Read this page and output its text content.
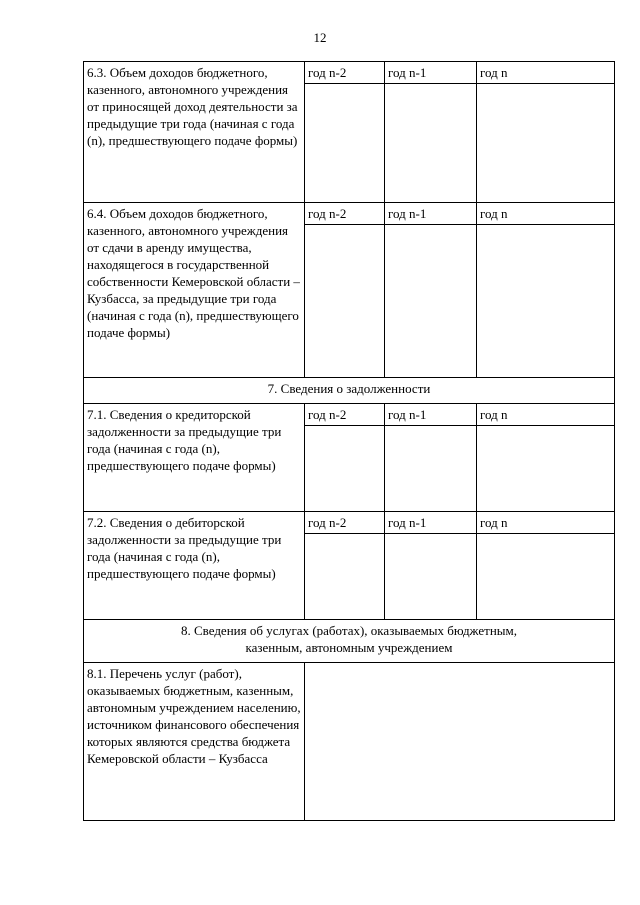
12
6.3. Объем доходов бюджетного, казенного, автономного учреждения от приносящей доход деятельности за предыдущие три года (начиная с года (n), предшествующего подаче формы)	год n-2	год n-1	год n

6.4. Объем доходов бюджетного, казенного, автономного учреждения от сдачи в аренду имущества, находящегося в государственной собственности Кемеровской области – Кузбасса, за предыдущие три года (начиная с года (n), предшествующего подаче формы)	год n-2	год n-1	год n

7. Сведения о задолженности			
7.1. Сведения о кредиторской задолженности за предыдущие три года (начиная с года (n), предшествующего подаче формы)	год n-2	год n-1	год n

7.2. Сведения о дебиторской задолженности за предыдущие три года (начиная с года (n), предшествующего подаче формы)	год n-2	год n-1	год n

8. Сведения об услугах (работах), оказываемых бюджетным,
казенным, автономным учреждением			
8.1. Перечень услуг (работ), оказываемых бюджетным, казенным, автономным учреждением населению, источником финансового обеспечения которых являются средства бюджета Кемеровской области – Кузбасса			
